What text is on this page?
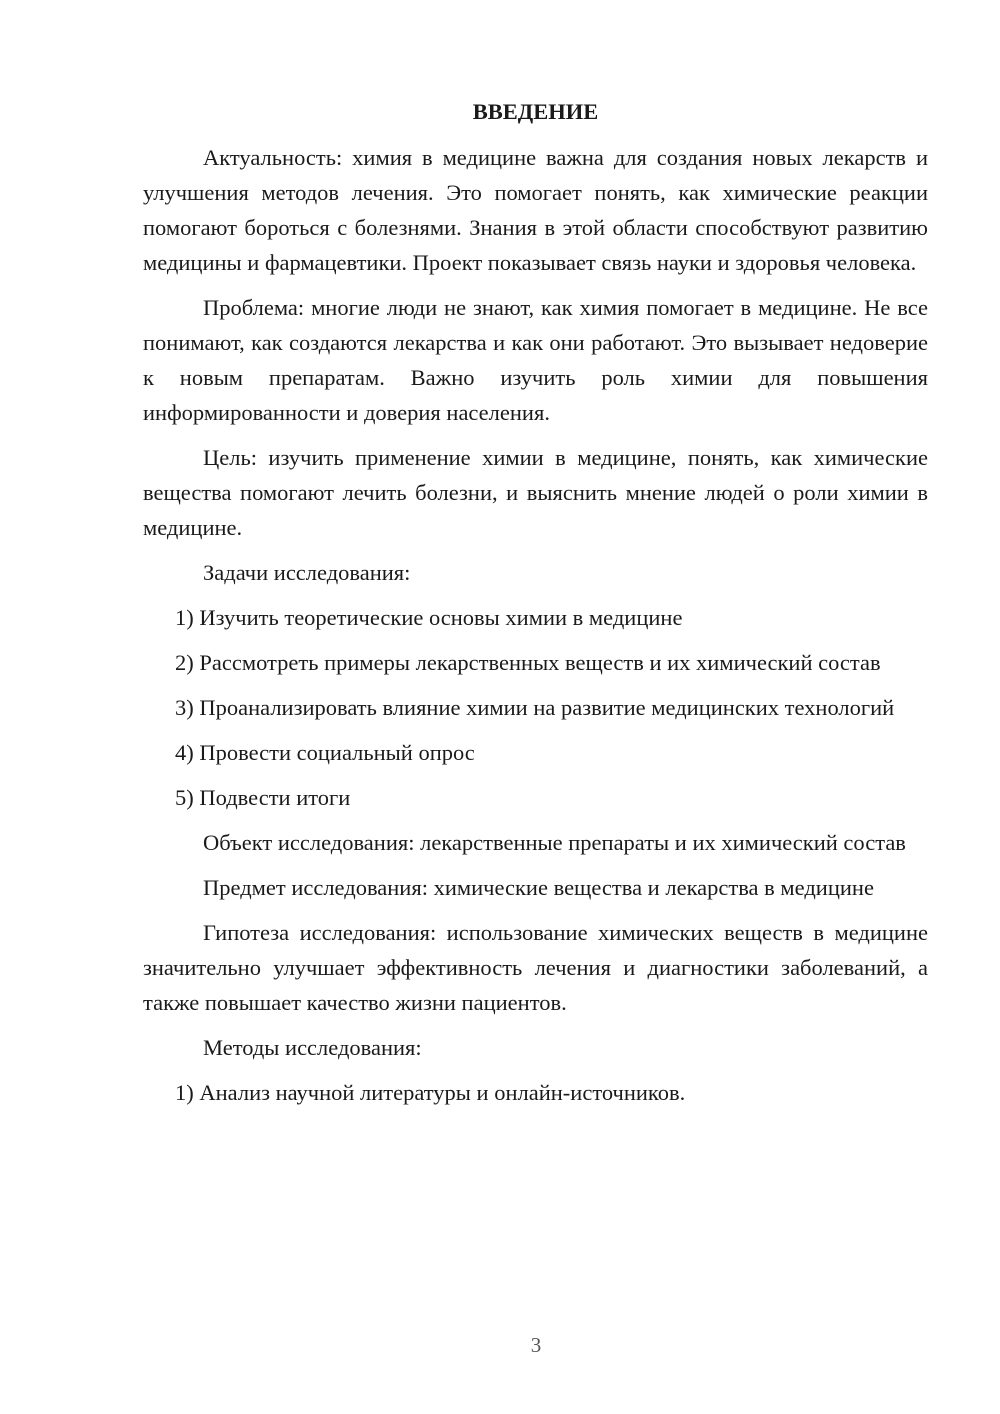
ВВЕДЕНИЕ

Актуальность: химия в медицине важна для создания новых лекарств и улучшения методов лечения. Это помогает понять, как химические реакции помогают бороться с болезнями. Знания в этой области способствуют развитию медицины и фармацевтики. Проект показывает связь науки и здоровья человека.

Проблема: многие люди не знают, как химия помогает в медицине. Не все понимают, как создаются лекарства и как они работают. Это вызывает недоверие к новым препаратам. Важно изучить роль химии для повышения информированности и доверия населения.

Цель: изучить применение химии в медицине, понять, как химические вещества помогают лечить болезни, и выяснить мнение людей о роли химии в медицине.

Задачи исследования:

1) Изучить теоретические основы химии в медицине

2) Рассмотреть примеры лекарственных веществ и их химический состав

3) Проанализировать влияние химии на развитие медицинских технологий

4) Провести социальный опрос

5) Подвести итоги

Объект исследования: лекарственные препараты и их химический состав

Предмет исследования: химические вещества и лекарства в медицине

Гипотеза исследования: использование химических веществ в медицине значительно улучшает эффективность лечения и диагностики заболеваний, а также повышает качество жизни пациентов.

Методы исследования:

1) Анализ научной литературы и онлайн-источников.

3
